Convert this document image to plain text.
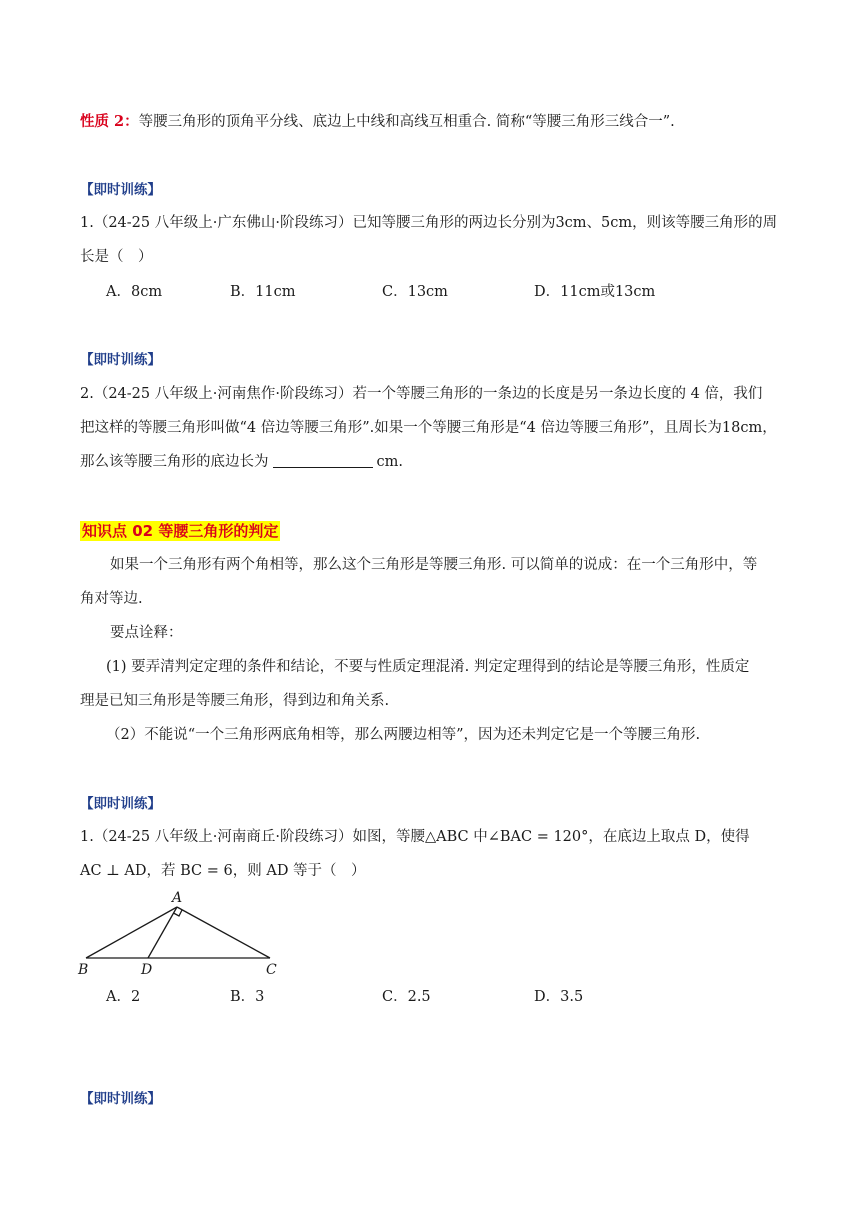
性质 2：等腰三角形的顶角平分线、底边上中线和高线互相重合. 简称“等腰三角形三线合一”.
【即时训练】
1.（24-25 八年级上·广东佛山·阶段练习）已知等腰三角形的两边长分别为3cm、5cm，则该等腰三角形的周
长是（　）
A．8cm	B．11cm	C．13cm	D．11cm或13cm
【即时训练】
2.（24-25 八年级上·河南焦作·阶段练习）若一个等腰三角形的一条边的长度是另一条边长度的 4 倍，我们
把这样的等腰三角形叫做“4 倍边等腰三角形”.如果一个等腰三角形是“4 倍边等腰三角形”，且周长为18cm，
那么该等腰三角形的底边长为	cm.
知识点 02 等腰三角形的判定
如果一个三角形有两个角相等，那么这个三角形是等腰三角形. 可以简单的说成：在一个三角形中，等
角对等边.
要点诠释：
(1) 要弄清判定定理的条件和结论，不要与性质定理混淆. 判定定理得到的结论是等腰三角形，性质定
理是已知三角形是等腰三角形，得到边和角关系.
（2）不能说“一个三角形两底角相等，那么两腰边相等”，因为还未判定它是一个等腰三角形.
【即时训练】
1.（24-25 八年级上·河南商丘·阶段练习）如图，等腰△ABC 中∠BAC = 120°，在底边上取点 D，使得
AC ⊥ AD，若 BC = 6，则 AD 等于（　）
A
B	D	C
A．2	B．3	C．2.5	D．3.5
【即时训练】
